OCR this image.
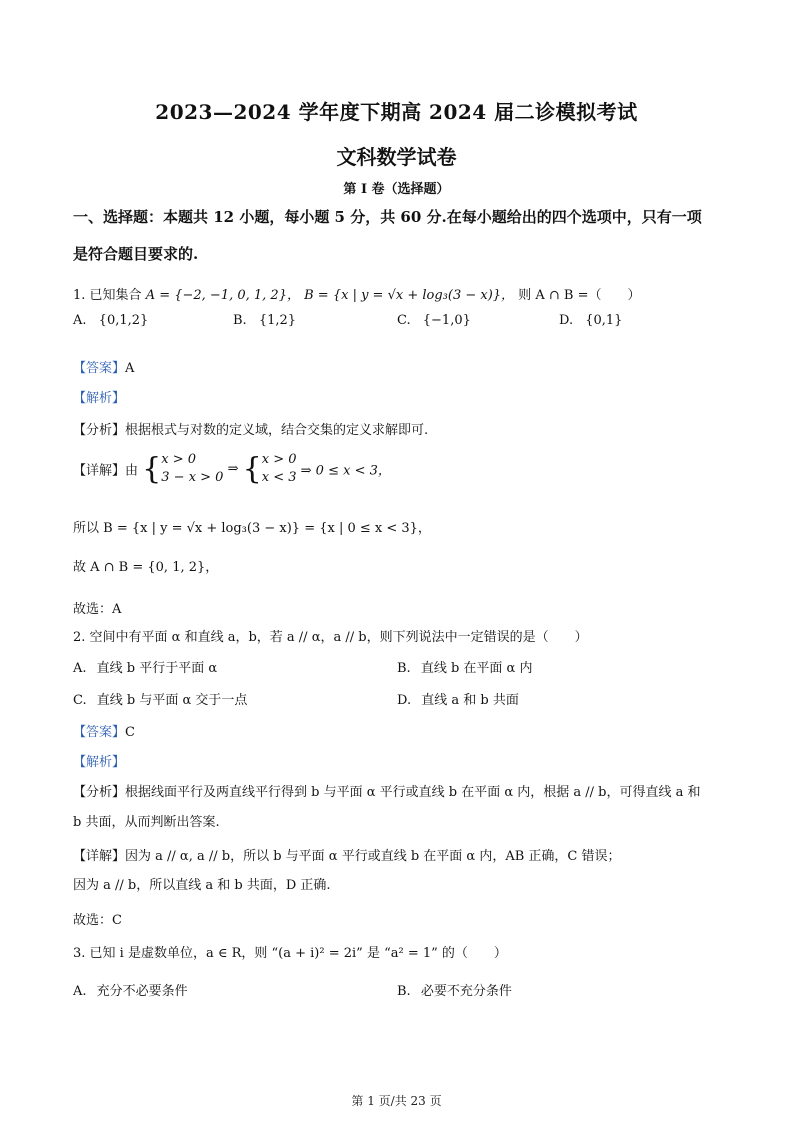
2023—2024 学年度下期高 2024 届二诊模拟考试
文科数学试卷
第 I 卷（选择题）
一、选择题：本题共 12 小题，每小题 5 分，共 60 分.在每小题给出的四个选项中，只有一项
是符合题目要求的.
1. 已知集合 A = {−2, −1, 0, 1, 2}， B = {x | y = √x + log₃(3 − x)}， 则 A ∩ B =（　　）
A. {0,1,2}	B. {1,2}	C. {−1,0}	D. {0,1}
【答案】A
【解析】
【分析】根据根式与对数的定义域，结合交集的定义求解即可.
【详解】由 { x > 0
3 − x > 0
⇒ { x > 0
x < 3 ⇒ 0 ≤ x < 3，
所以 B = {x | y = √x + log₃(3 − x)} = {x | 0 ≤ x < 3}，
故 A ∩ B = {0, 1, 2}，
故选：A
2. 空间中有平面 α 和直线 a，b，若 a // α，a // b，则下列说法中一定错误的是（　　）
A. 直线 b 平行于平面 α	B. 直线 b 在平面 α 内
C. 直线 b 与平面 α 交于一点	D. 直线 a 和 b 共面
【答案】C
【解析】
【分析】根据线面平行及两直线平行得到 b 与平面 α 平行或直线 b 在平面 α 内，根据 a // b，可得直线 a 和
b 共面，从而判断出答案.
【详解】因为 a // α, a // b，所以 b 与平面 α 平行或直线 b 在平面 α 内，AB 正确，C 错误；
因为 a // b，所以直线 a 和 b 共面，D 正确.
故选：C
3. 已知 i 是虚数单位，a ∈ R，则 “(a + i)² = 2i” 是 “a² = 1” 的（　　）
A. 充分不必要条件	B. 必要不充分条件
第 1 页/共 23 页
